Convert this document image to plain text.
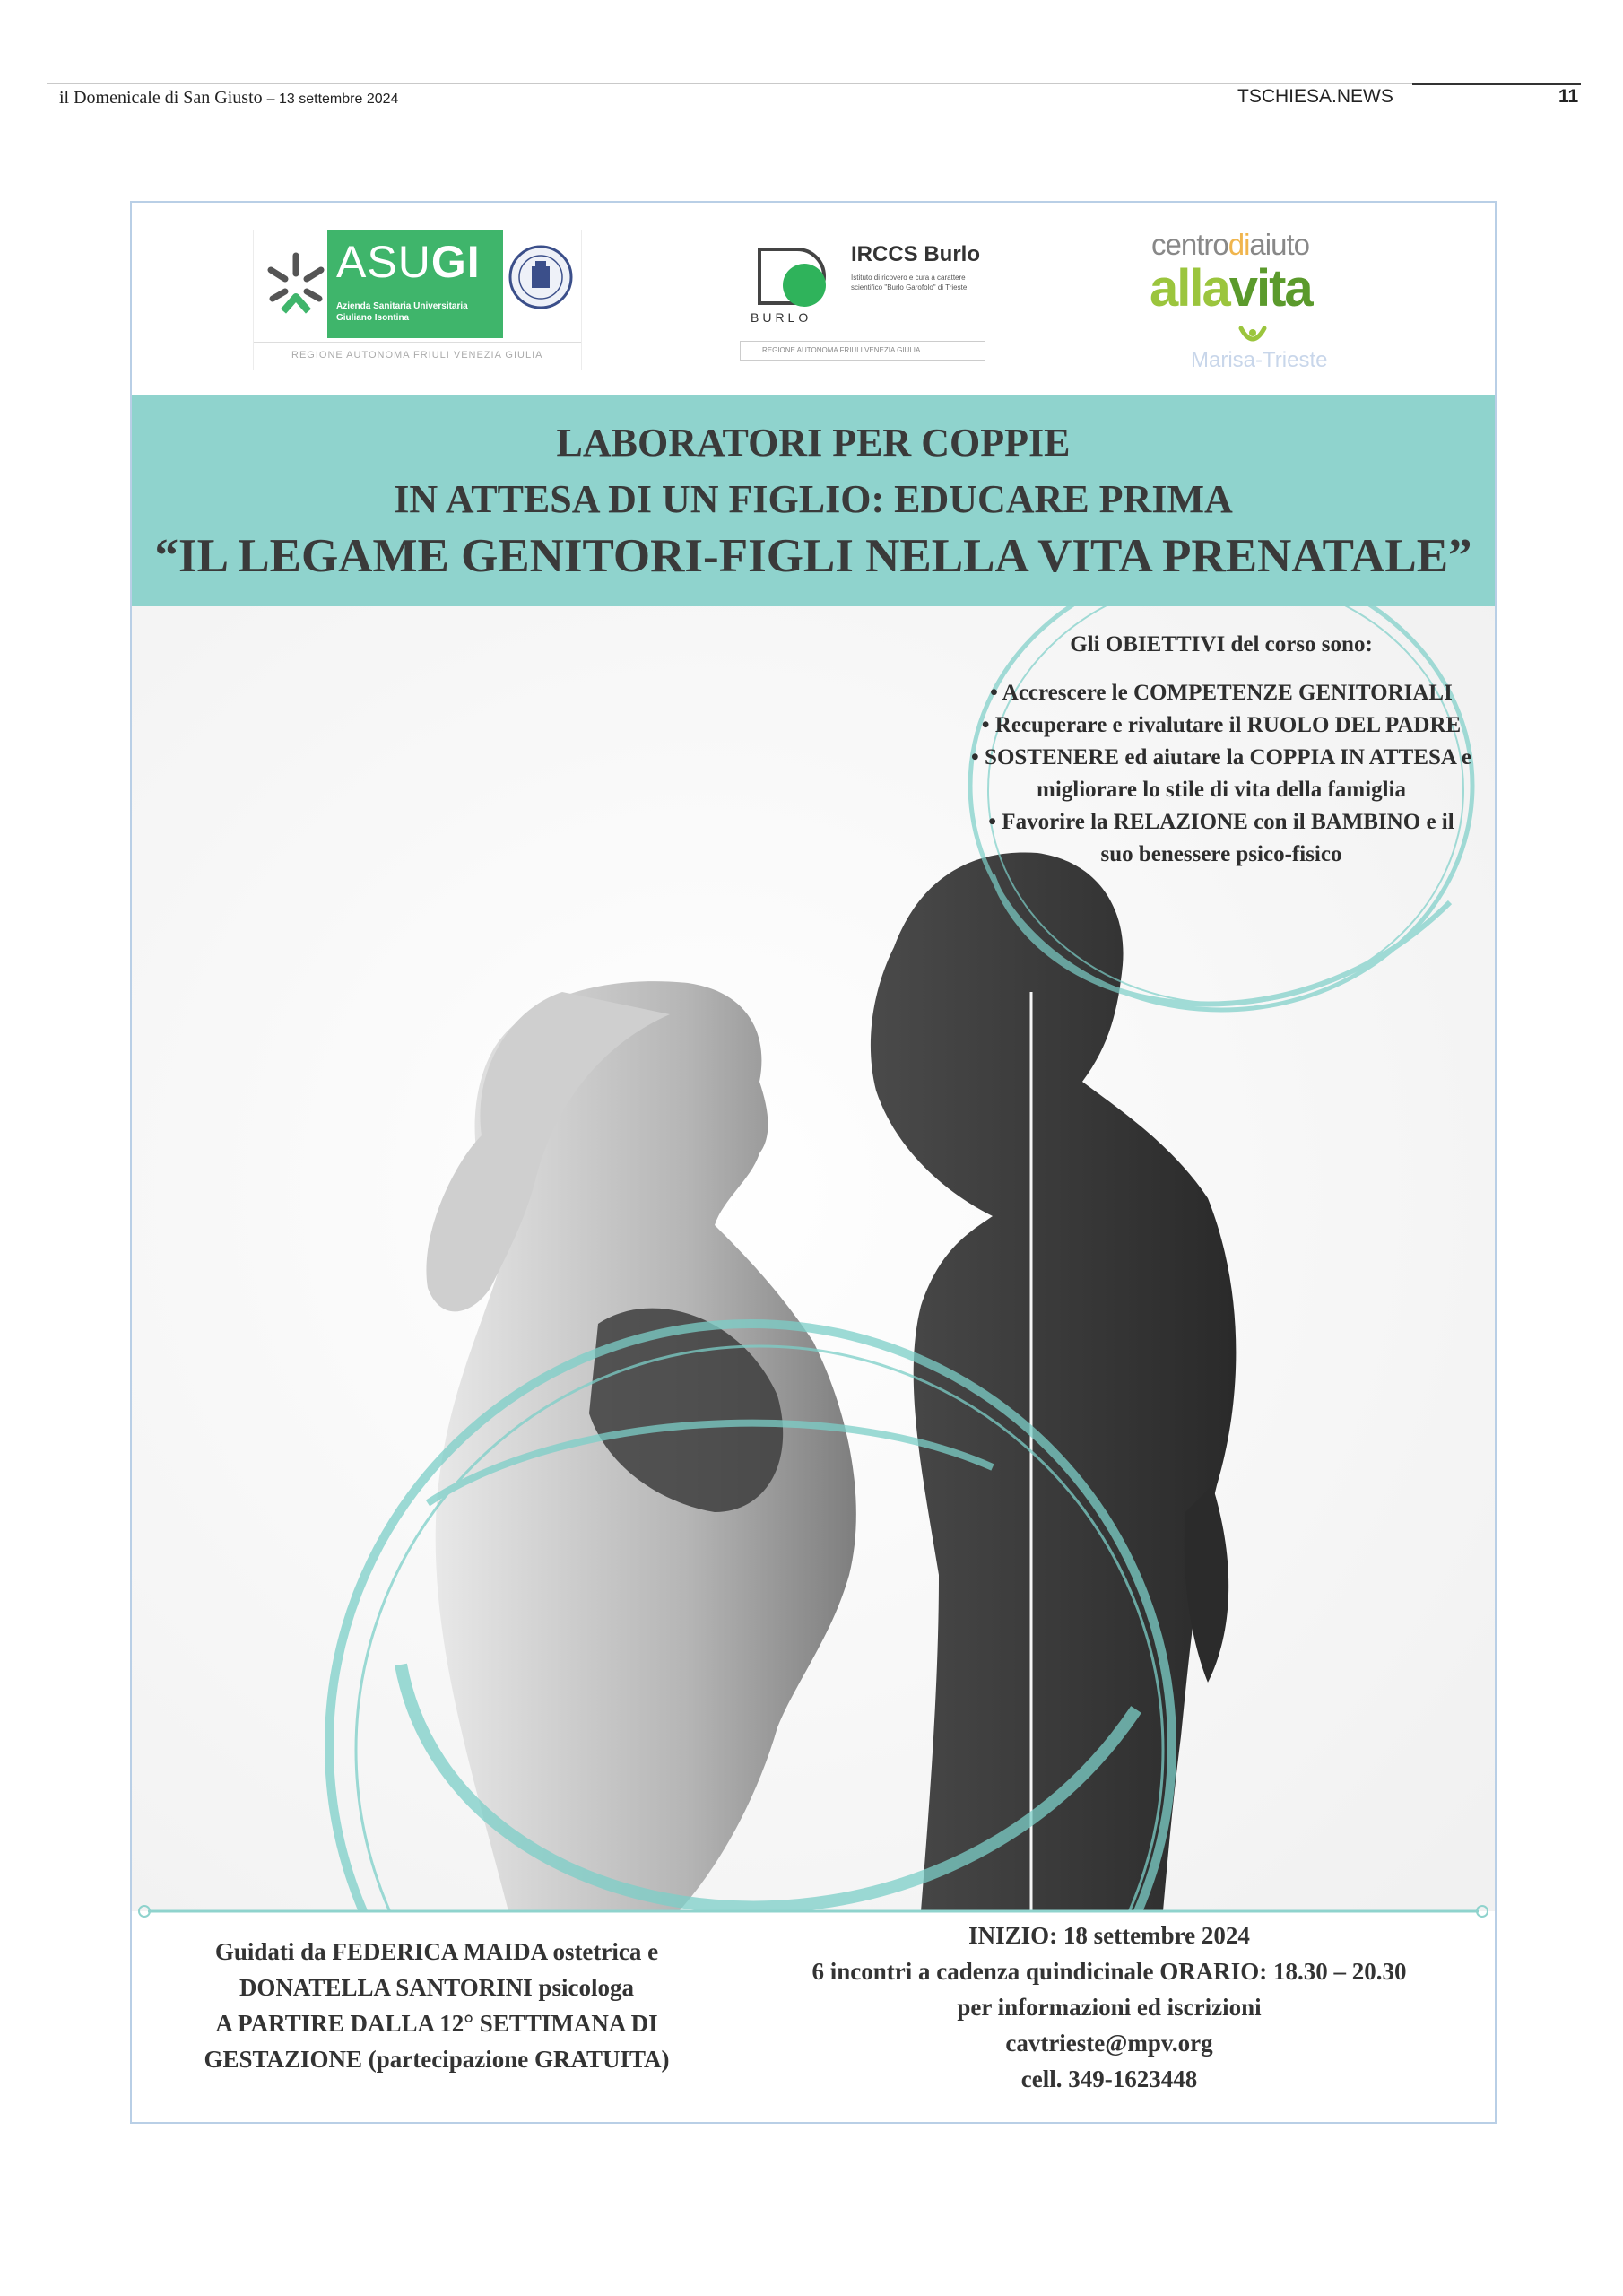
il Domenicale di San Giusto – 13 settembre 2024	TSCHIESA.NEWS	11
ASUGI
Azienda Sanitaria Universitaria Giuliano Isontina
REGIONE AUTONOMA FRIULI VENEZIA GIULIA
BURLO
IRCCS Burlo
Istituto di ricovero e cura a carattere scientifico "Burlo Garofolo" di Trieste
REGIONE AUTONOMA FRIULI VENEZIA GIULIA
centrodiaiuto
allavita
Marisa-Trieste
LABORATORI PER COPPIE
IN ATTESA DI UN FIGLIO: EDUCARE PRIMA
“IL LEGAME GENITORI-FIGLI NELLA VITA PRENATALE”
Gli OBIETTIVI del corso sono:
• Accrescere le COMPETENZE GENITORIALI
• Recuperare e rivalutare il RUOLO DEL PADRE
• SOSTENERE ed aiutare la COPPIA IN ATTESA e migliorare lo stile di vita della famiglia
• Favorire la RELAZIONE con il BAMBINO e il suo benessere psico-fisico
Guidati da FEDERICA MAIDA ostetrica e
DONATELLA SANTORINI psicologa
A PARTIRE DALLA 12° SETTIMANA DI
GESTAZIONE (partecipazione GRATUITA)
INIZIO: 18 settembre 2024
6 incontri a cadenza quindicinale ORARIO: 18.30 – 20.30
per informazioni ed iscrizioni
cavtrieste@mpv.org
cell. 349-1623448
